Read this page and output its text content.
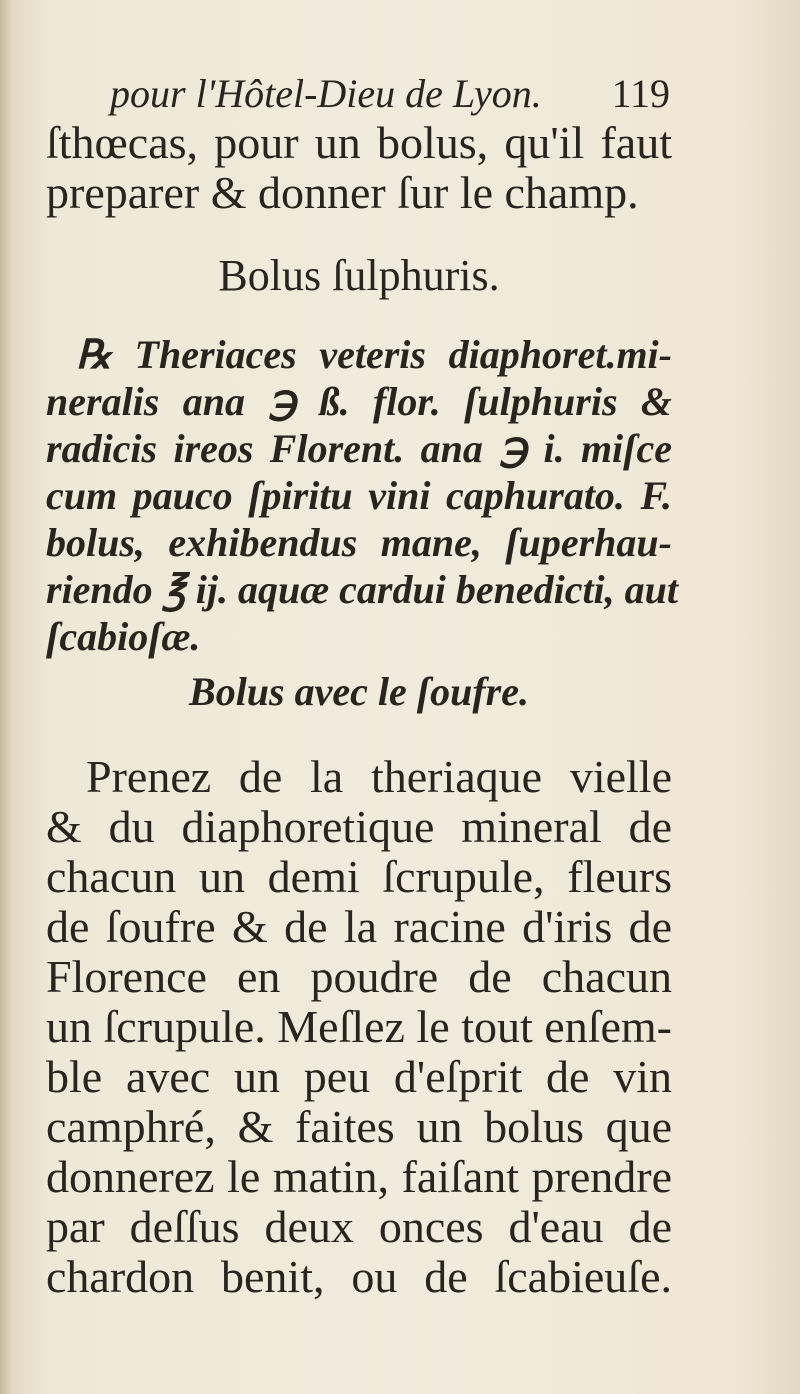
pour l'Hôtel-Dieu de Lyon. 119
ſthœcas, pour un bolus, qu'il faut
preparer & donner ſur le champ.
Bolus ſulphuris.
℞ Theriaces veteris diaphoret.mi-
neralis ana ℈ ß. flor. ſulphuris &
radicis ireos Florent. ana ℈ i. miſce
cum pauco ſpiritu vini caphurato. F.
bolus, exhibendus mane, ſuperhau-
riendo ℥ ij. aquæ cardui benedicti, aut
ſcabioſæ.
Bolus avec le ſoufre.
Prenez de la theriaque vielle
& du diaphoretique mineral de
chacun un demi ſcrupule, fleurs
de ſoufre & de la racine d'iris de
Florence en poudre de chacun
un ſcrupule. Meſlez le tout enſem-
ble avec un peu d'eſprit de vin
camphré, & faites un bolus que
donnerez le matin, faiſant prendre
par deſſus deux onces d'eau de
chardon benit, ou de ſcabieuſe.
